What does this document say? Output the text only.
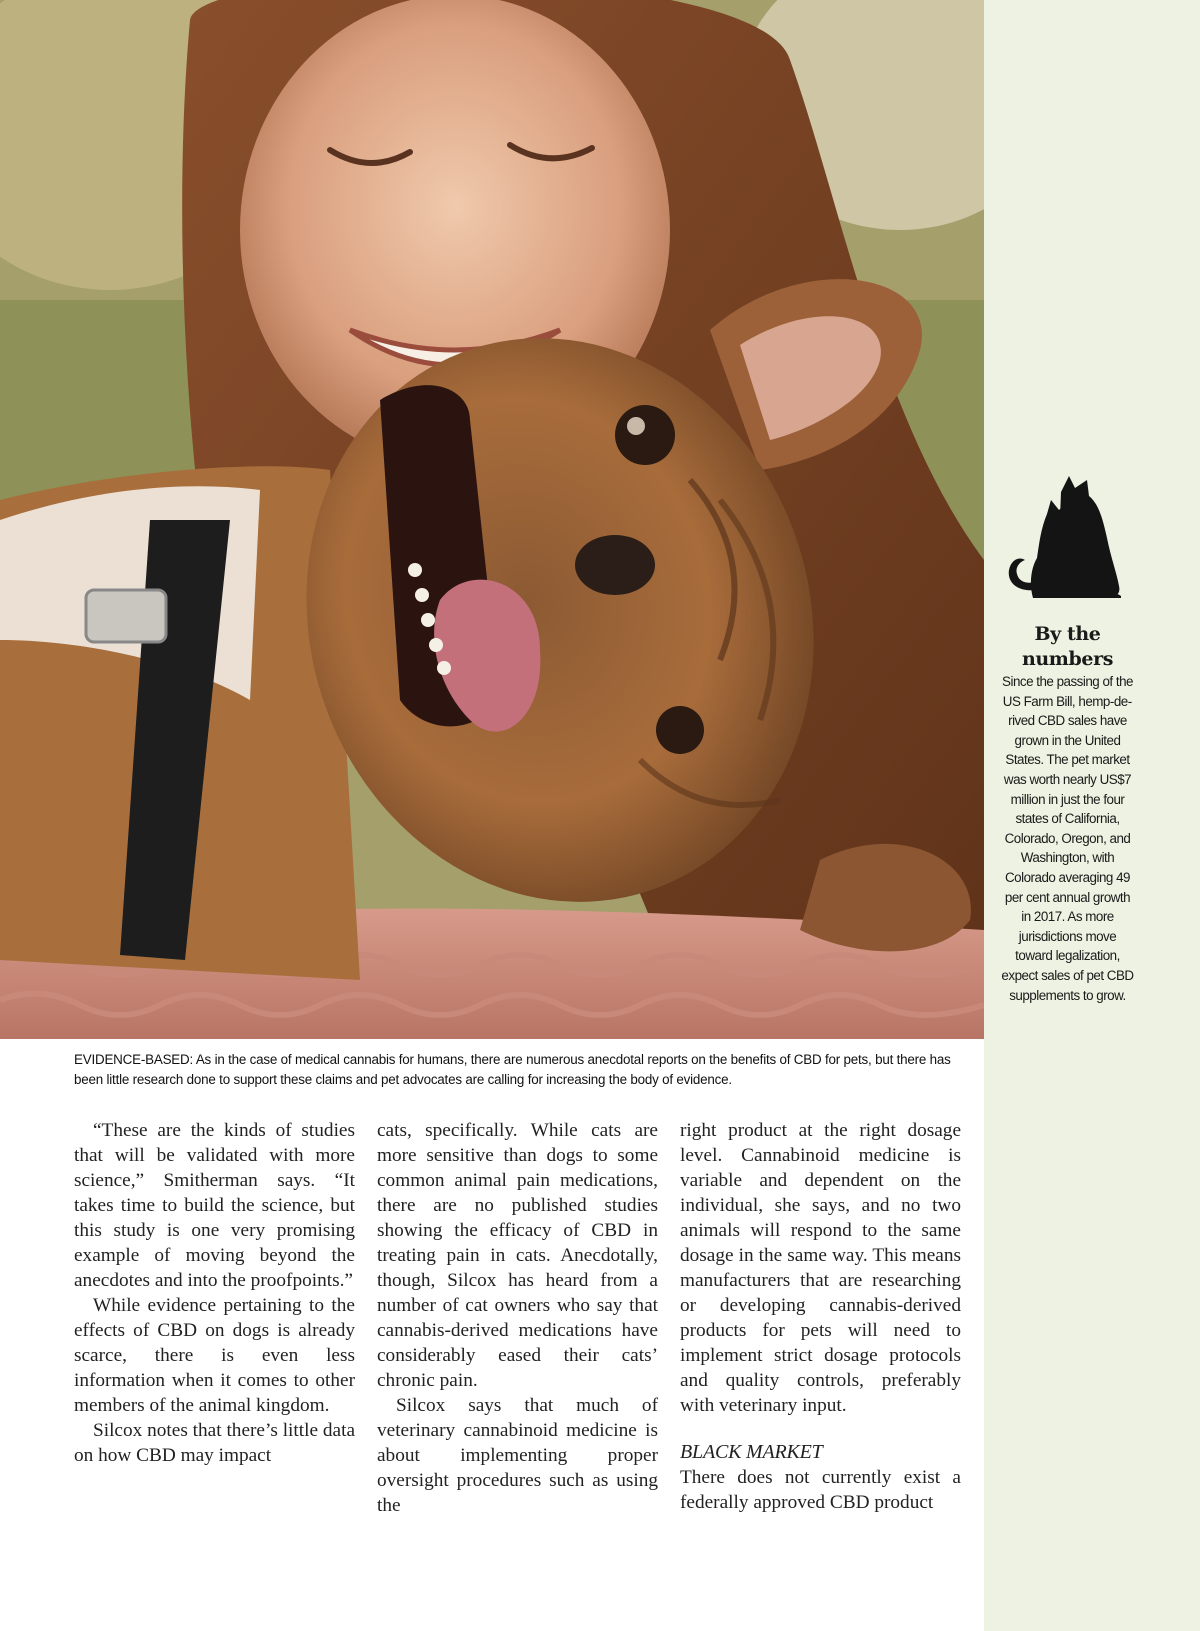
EVIDENCE-BASED: As in the case of medical cannabis for humans, there are numerous anecdotal reports on the benefits of CBD for pets, but there has been little research done to support these claims and pet advocates are calling for increasing the body of evidence.

“These are the kinds of studies that will be validated with more science,” Smitherman says. “It takes time to build the science, but this study is one very promising example of moving beyond the anecdotes and into the proofpoints.”

While evidence pertaining to the effects of CBD on dogs is already scarce, there is even less information when it comes to other members of the animal kingdom.

Silcox notes that there’s little data on how CBD may impact

cats, specifically. While cats are more sensitive than dogs to some common animal pain medications, there are no published studies showing the efficacy of CBD in treating pain in cats. Anecdotally, though, Silcox has heard from a number of cat owners who say that cannabis-derived medications have considerably eased their cats’ chronic pain.

Silcox says that much of veterinary cannabinoid medicine is about implementing proper oversight procedures such as using the

right product at the right dosage level. Cannabinoid medicine is variable and dependent on the individual, she says, and no two animals will respond to the same dosage in the same way. This means manufacturers that are researching or developing cannabis-derived products for pets will need to implement strict dosage protocols and quality controls, preferably with veterinary input.

BLACK MARKET

There does not currently exist a federally approved CBD product

By the numbers
Since the passing of the US Farm Bill, hemp-derived CBD sales have grown in the United States. The pet market was worth nearly US$7 million in just the four states of California, Colorado, Oregon, and Washington, with Colorado averaging 49 per cent annual growth in 2017. As more jurisdictions move toward legalization, expect sales of pet CBD supplements to grow.
